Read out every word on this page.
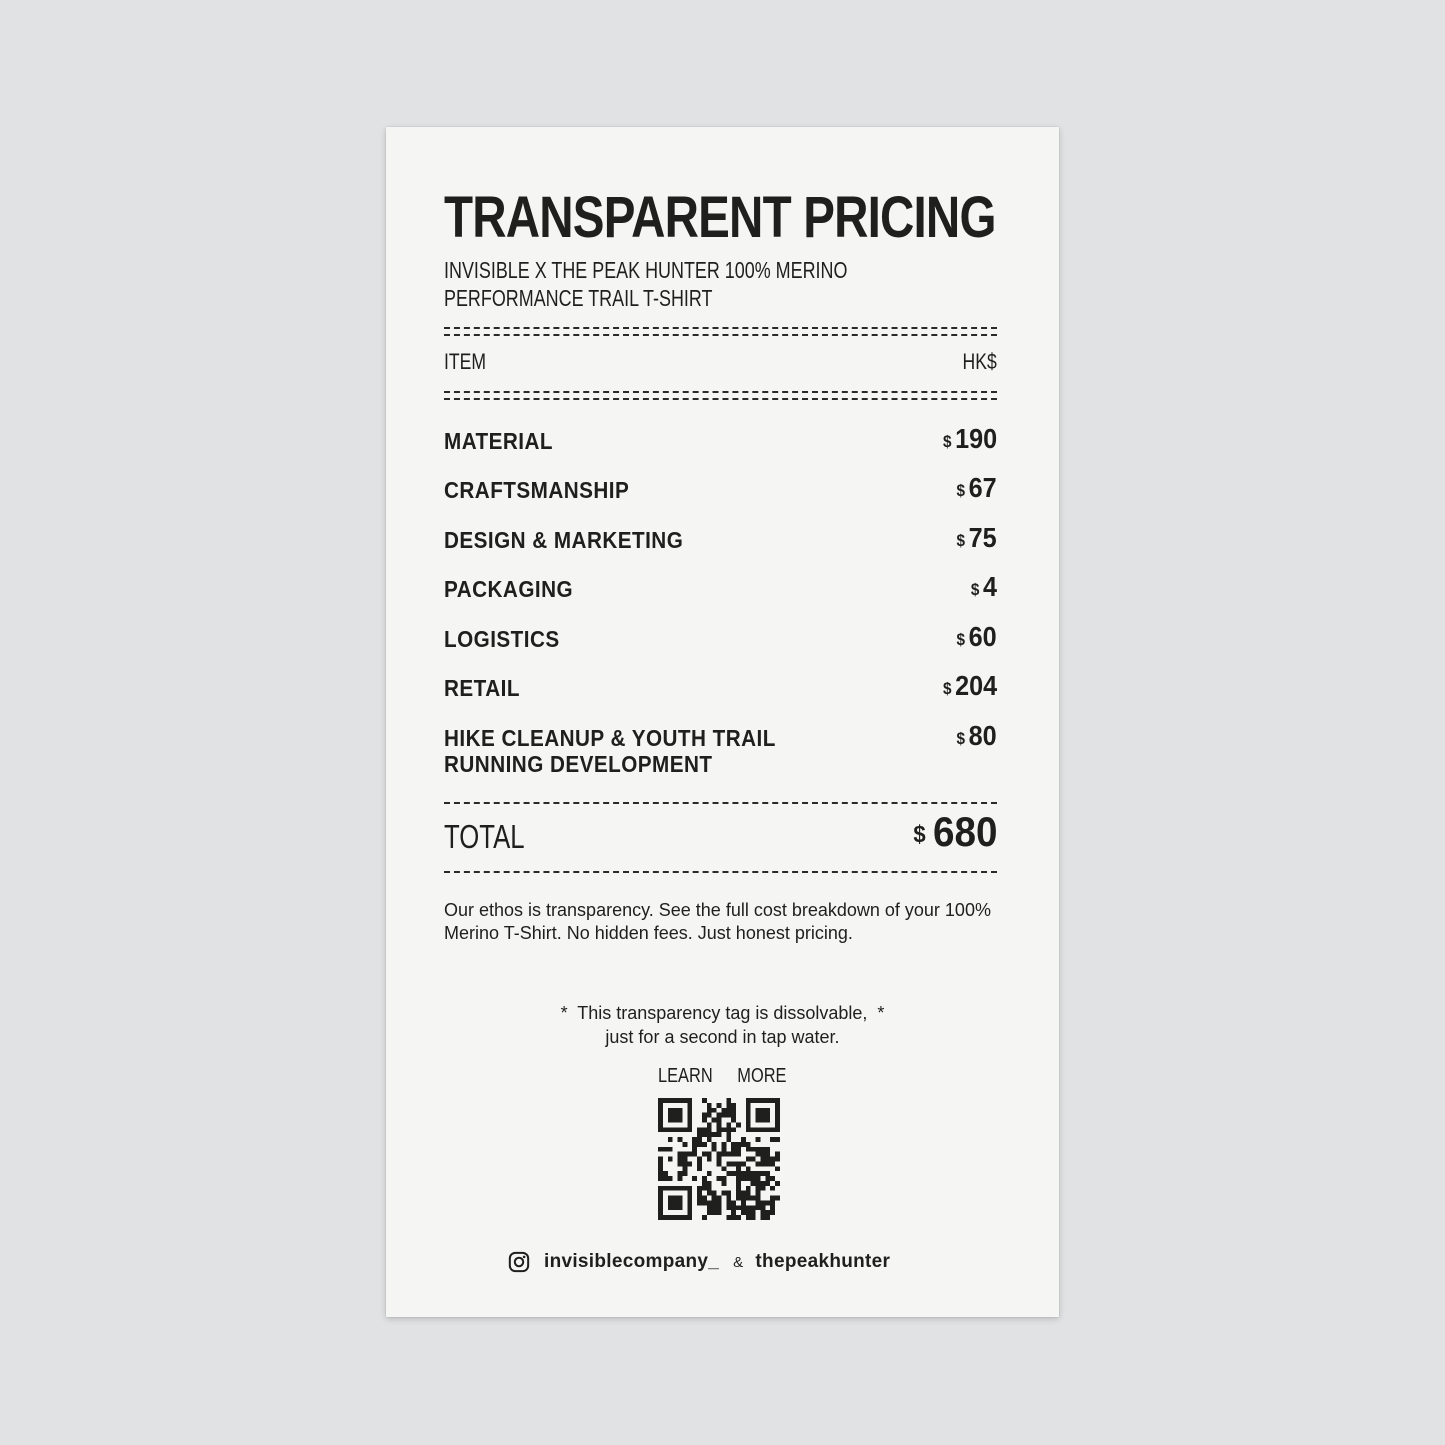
TRANSPARENT PRICING
INVISIBLE X THE PEAK HUNTER 100% MERINO
PERFORMANCE TRAIL T-SHIRT
ITEM	HK$
MATERIAL	$ 190
CRAFTSMANSHIP	$ 67
DESIGN & MARKETING	$ 75
PACKAGING	$ 4
LOGISTICS	$ 60
RETAIL	$ 204
HIKE CLEANUP & YOUTH TRAIL
RUNNING DEVELOPMENT
$ 80
TOTAL	$ 680
Our ethos is transparency. See the full cost breakdown of your 100% Merino T-Shirt. No hidden fees. Just honest pricing.
*  This transparency tag is dissolvable,  *
just for a second in tap water.
LEARN MORE
invisiblecompany_ & thepeakhunter
